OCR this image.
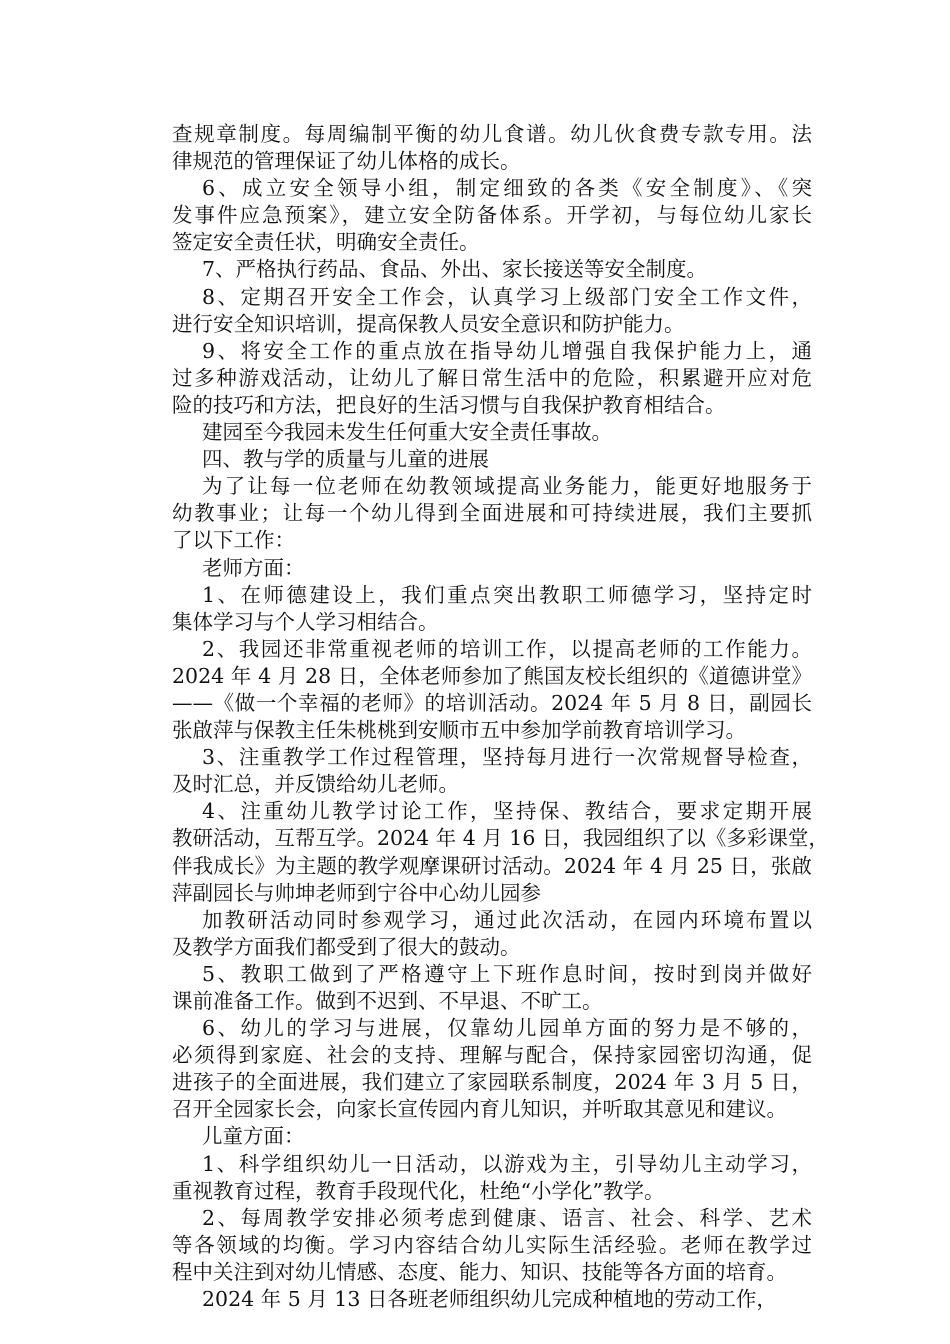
查规章制度。每周编制平衡的幼儿食谱。幼儿伙食费专款专用。法
律规范的管理保证了幼儿体格的成长。
6、成立安全领导小组，制定细致的各类《安全制度》、《突
发事件应急预案》，建立安全防备体系。开学初，与每位幼儿家长
签定安全责任状，明确安全责任。
7、严格执行药品、食品、外出、家长接送等安全制度。
8、定期召开安全工作会，认真学习上级部门安全工作文件，
进行安全知识培训，提高保教人员安全意识和防护能力。
9、将安全工作的重点放在指导幼儿增强自我保护能力上，通
过多种游戏活动，让幼儿了解日常生活中的危险，积累避开应对危
险的技巧和方法，把良好的生活习惯与自我保护教育相结合。
建园至今我园未发生任何重大安全责任事故。
四、教与学的质量与儿童的进展
为了让每一位老师在幼教领域提高业务能力，能更好地服务于
幼教事业；让每一个幼儿得到全面进展和可持续进展，我们主要抓
了以下工作：
老师方面：
1、在师德建设上，我们重点突出教职工师德学习，坚持定时
集体学习与个人学习相结合。
2、我园还非常重视老师的培训工作，以提高老师的工作能力。
2024 年 4 月 28 日，全体老师参加了熊国友校长组织的《道德讲堂》
——《做一个幸福的老师》的培训活动。2024 年 5 月 8 日，副园长
张啟萍与保教主任朱桃桃到安顺市五中参加学前教育培训学习。
3、注重教学工作过程管理，坚持每月进行一次常规督导检查，
及时汇总，并反馈给幼儿老师。
4、注重幼儿教学讨论工作，坚持保、教结合，要求定期开展
教研活动，互帮互学。2024 年 4 月 16 日，我园组织了以《多彩课堂，
伴我成长》为主题的教学观摩课研讨活动。2024 年 4 月 25 日，张啟
萍副园长与帅坤老师到宁谷中心幼儿园参
加教研活动同时参观学习，通过此次活动，在园内环境布置以
及教学方面我们都受到了很大的鼓动。
5、教职工做到了严格遵守上下班作息时间，按时到岗并做好
课前准备工作。做到不迟到、不早退、不旷工。
6、幼儿的学习与进展，仅靠幼儿园单方面的努力是不够的，
必须得到家庭、社会的支持、理解与配合，保持家园密切沟通，促
进孩子的全面进展，我们建立了家园联系制度，2024 年 3 月 5 日，
召开全园家长会，向家长宣传园内育儿知识，并听取其意见和建议。
儿童方面：
1、科学组织幼儿一日活动，以游戏为主，引导幼儿主动学习，
重视教育过程，教育手段现代化，杜绝“小学化”教学。
2、每周教学安排必须考虑到健康、语言、社会、科学、艺术
等各领域的均衡。学习内容结合幼儿实际生活经验。老师在教学过
程中关注到对幼儿情感、态度、能力、知识、技能等各方面的培育。
2024 年 5 月 13 日各班老师组织幼儿完成种植地的劳动工作，
